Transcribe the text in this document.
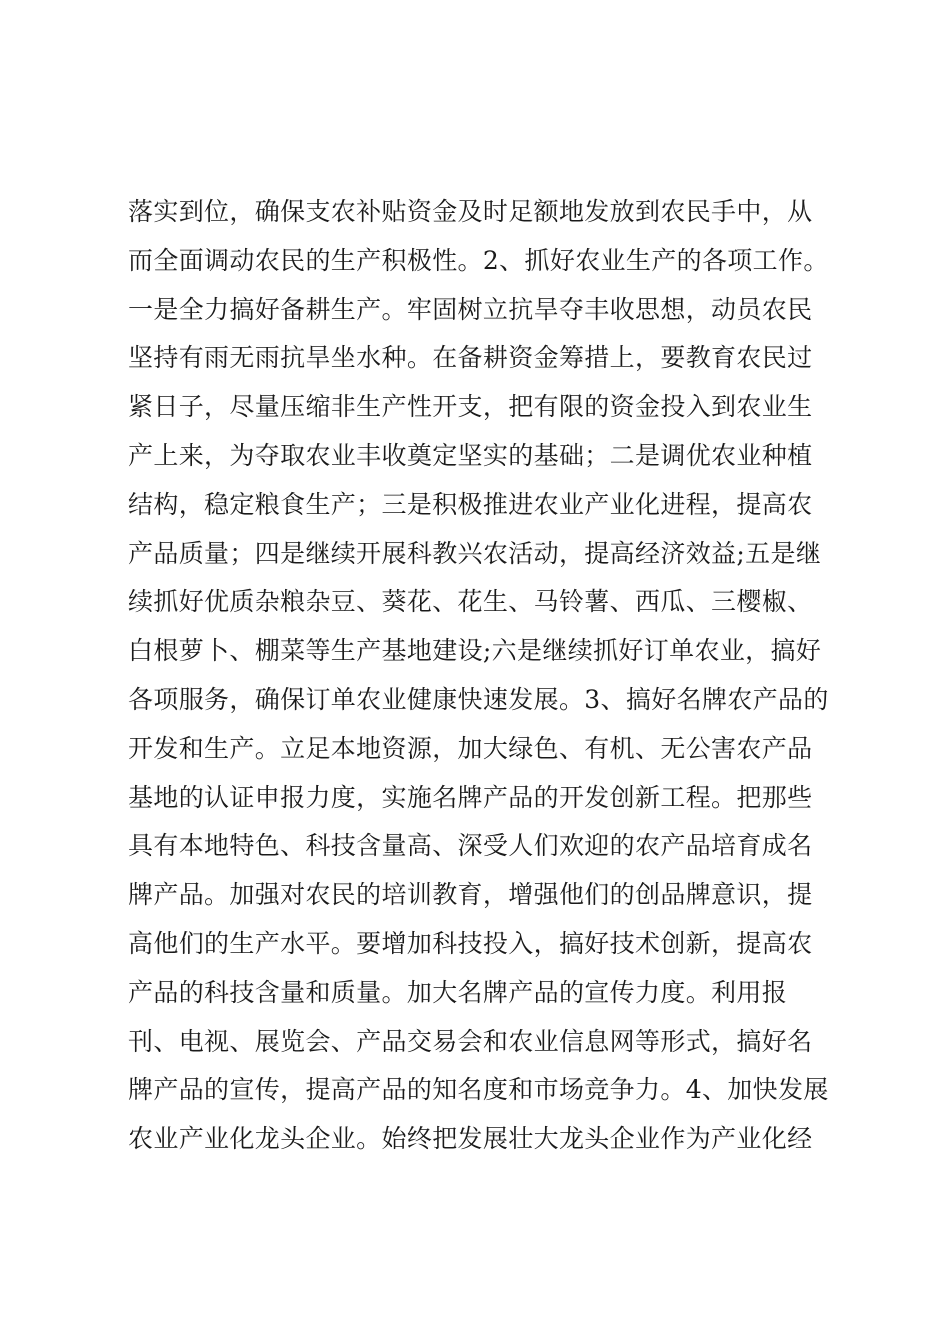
落实到位，确保支农补贴资金及时足额地发放到农民手中，从
而全面调动农民的生产积极性。2、抓好农业生产的各项工作。
一是全力搞好备耕生产。牢固树立抗旱夺丰收思想，动员农民
坚持有雨无雨抗旱坐水种。在备耕资金筹措上，要教育农民过
紧日子，尽量压缩非生产性开支，把有限的资金投入到农业生
产上来，为夺取农业丰收奠定坚实的基础；二是调优农业种植
结构，稳定粮食生产；三是积极推进农业产业化进程，提高农
产品质量；四是继续开展科教兴农活动，提高经济效益;五是继
续抓好优质杂粮杂豆、葵花、花生、马铃薯、西瓜、三樱椒、
白根萝卜、棚菜等生产基地建设;六是继续抓好订单农业，搞好
各项服务，确保订单农业健康快速发展。3、搞好名牌农产品的
开发和生产。立足本地资源，加大绿色、有机、无公害农产品
基地的认证申报力度，实施名牌产品的开发创新工程。把那些
具有本地特色、科技含量高、深受人们欢迎的农产品培育成名
牌产品。加强对农民的培训教育，增强他们的创品牌意识，提
高他们的生产水平。要增加科技投入，搞好技术创新，提高农
产品的科技含量和质量。加大名牌产品的宣传力度。利用报
刊、电视、展览会、产品交易会和农业信息网等形式，搞好名
牌产品的宣传，提高产品的知名度和市场竞争力。4、加快发展
农业产业化龙头企业。始终把发展壮大龙头企业作为产业化经
